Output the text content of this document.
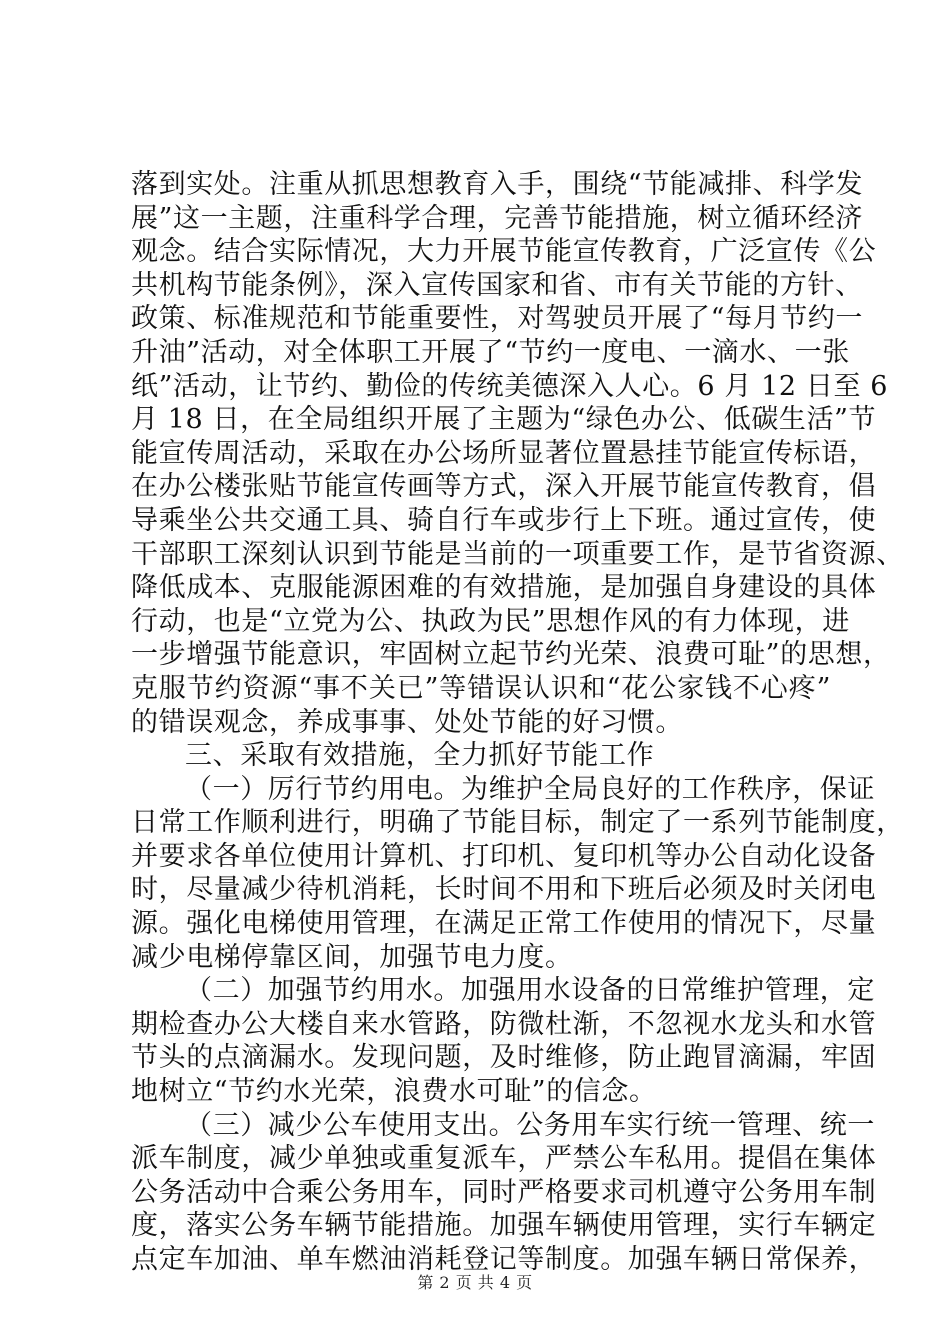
落到实处。注重从抓思想教育入手，围绕“节能减排、科学发
展”这一主题，注重科学合理，完善节能措施，树立循环经济
观念。结合实际情况，大力开展节能宣传教育，广泛宣传《公
共机构节能条例》，深入宣传国家和省、市有关节能的方针、
政策、标准规范和节能重要性，对驾驶员开展了“每月节约一
升油”活动，对全体职工开展了“节约一度电、一滴水、一张
纸”活动，让节约、勤俭的传统美德深入人心。6 月 12 日至 6
月 18 日，在全局组织开展了主题为“绿色办公、低碳生活”节
能宣传周活动，采取在办公场所显著位置悬挂节能宣传标语，
在办公楼张贴节能宣传画等方式，深入开展节能宣传教育，倡
导乘坐公共交通工具、骑自行车或步行上下班。通过宣传，使
干部职工深刻认识到节能是当前的一项重要工作，是节省资源、
降低成本、克服能源困难的有效措施，是加强自身建设的具体
行动，也是“立党为公、执政为民”思想作风的有力体现，进
一步增强节能意识，牢固树立起节约光荣、浪费可耻”的思想，
克服节约资源“事不关已”等错误认识和“花公家钱不心疼”
的错误观念，养成事事、处处节能的好习惯。
三、采取有效措施，全力抓好节能工作
（一）厉行节约用电。为维护全局良好的工作秩序，保证
日常工作顺利进行，明确了节能目标，制定了一系列节能制度，
并要求各单位使用计算机、打印机、复印机等办公自动化设备
时，尽量减少待机消耗，长时间不用和下班后必须及时关闭电
源。强化电梯使用管理，在满足正常工作使用的情况下，尽量
减少电梯停靠区间，加强节电力度。
（二）加强节约用水。加强用水设备的日常维护管理，定
期检查办公大楼自来水管路，防微杜渐，不忽视水龙头和水管
节头的点滴漏水。发现问题，及时维修，防止跑冒滴漏，牢固
地树立“节约水光荣，浪费水可耻”的信念。
（三）减少公车使用支出。公务用车实行统一管理、统一
派车制度，减少单独或重复派车，严禁公车私用。提倡在集体
公务活动中合乘公务用车，同时严格要求司机遵守公务用车制
度，落实公务车辆节能措施。加强车辆使用管理，实行车辆定
点定车加油、单车燃油消耗登记等制度。加强车辆日常保养，
第 2 页 共 4 页
